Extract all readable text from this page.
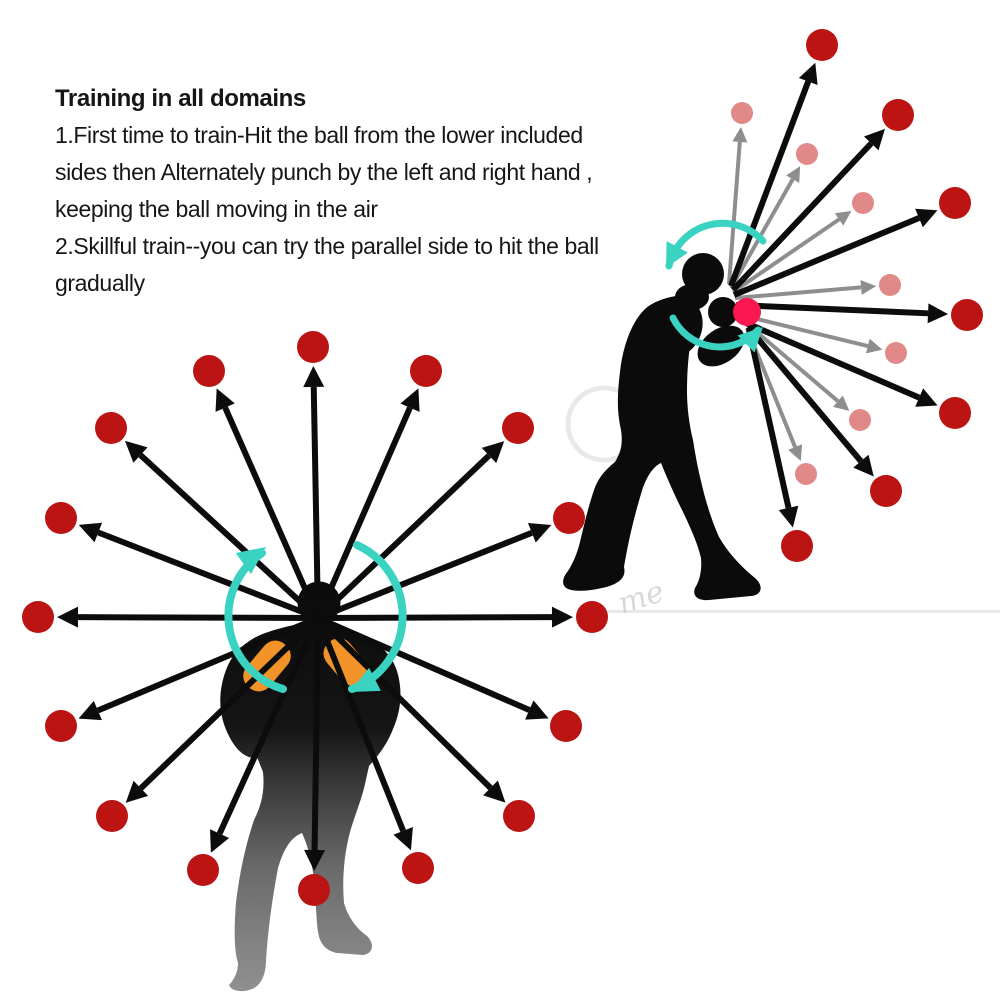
me
Training in all domains
1.First time to train-Hit the ball from the lower included
sides then Alternately punch by the left and right hand ,
keeping the ball moving in the air
2.Skillful train--you can try the parallel side to hit the ball
gradually
